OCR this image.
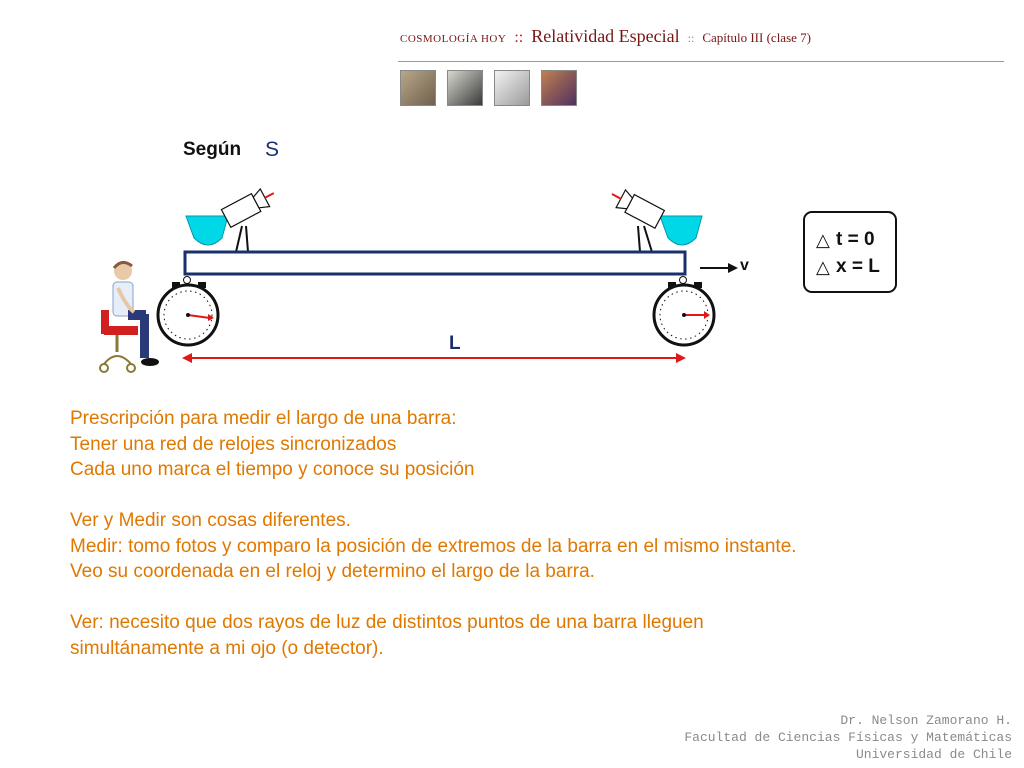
COSMOLOGÍA HOY :: Relatividad Especial :: Capítulo III (clase 7)
Según S
v
L
△ t = 0
△ x = L
Prescripción para medir el largo de una barra:
Tener una red de relojes sincronizados
Cada uno marca el tiempo y conoce su posición
Ver y Medir son cosas diferentes.
Medir: tomo fotos y comparo la posición de extremos de la barra en el mismo instante.
Veo su coordenada en el reloj y determino el largo de la barra.
Ver: necesito que dos rayos de luz de distintos puntos de una barra lleguen
simultánamente a mi ojo (o detector).
Dr. Nelson Zamorano H.
Facultad de Ciencias Físicas y Matemáticas
Universidad de Chile
